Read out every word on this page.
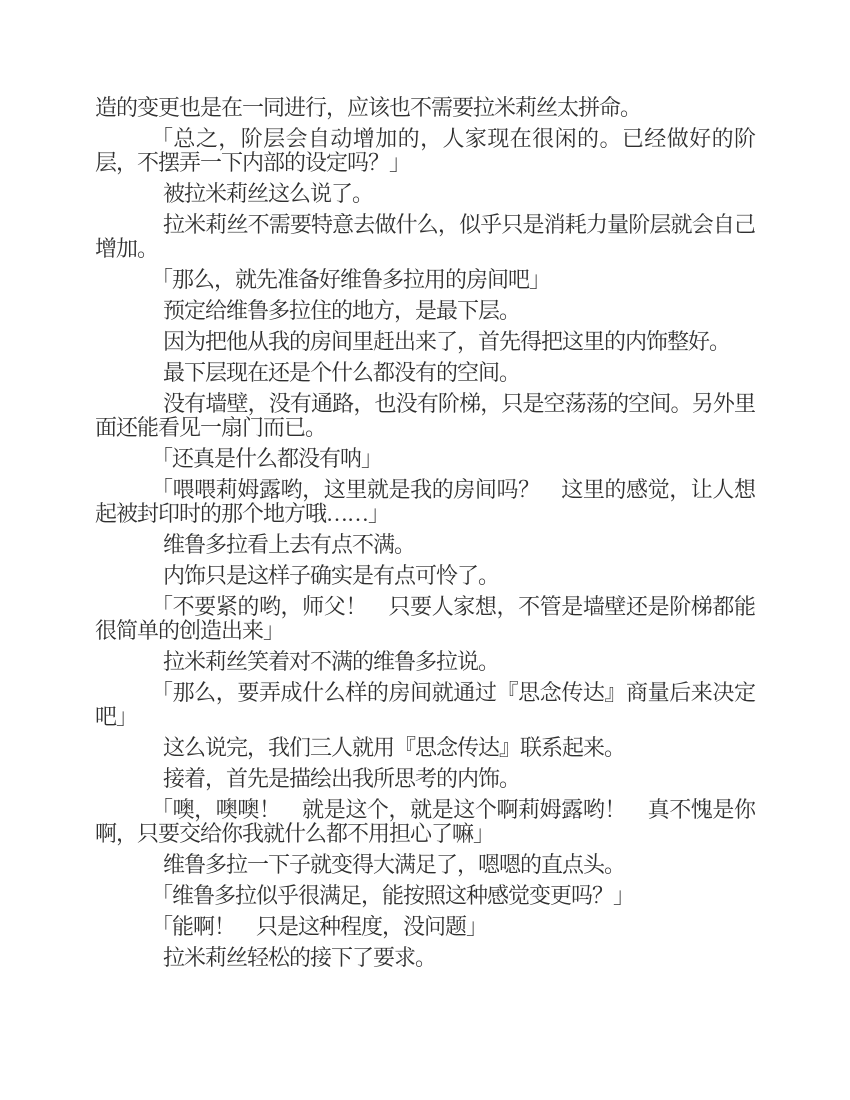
造的变更也是在一同进行，应该也不需要拉米莉丝太拼命。

「总之，阶层会自动增加的，人家现在很闲的。已经做好的阶层，不摆弄一下内部的设定吗？」

被拉米莉丝这么说了。

拉米莉丝不需要特意去做什么，似乎只是消耗力量阶层就会自己增加。

「那么，就先准备好维鲁多拉用的房间吧」

预定给维鲁多拉住的地方，是最下层。

因为把他从我的房间里赶出来了，首先得把这里的内饰整好。

最下层现在还是个什么都没有的空间。

没有墙壁，没有通路，也没有阶梯，只是空荡荡的空间。另外里面还能看见一扇门而已。

「还真是什么都没有呐」

「喂喂莉姆露哟，这里就是我的房间吗？　这里的感觉，让人想起被封印时的那个地方哦……」

维鲁多拉看上去有点不满。

内饰只是这样子确实是有点可怜了。

「不要紧的哟，师父！　只要人家想，不管是墙壁还是阶梯都能很简单的创造出来」

拉米莉丝笑着对不满的维鲁多拉说。

「那么，要弄成什么样的房间就通过『思念传达』商量后来决定吧」

这么说完，我们三人就用『思念传达』联系起来。

接着，首先是描绘出我所思考的内饰。

「噢，噢噢！　就是这个，就是这个啊莉姆露哟！　真不愧是你啊，只要交给你我就什么都不用担心了嘛」

维鲁多拉一下子就变得大满足了，嗯嗯的直点头。

「维鲁多拉似乎很满足，能按照这种感觉变更吗？」

「能啊！　只是这种程度，没问题」

拉米莉丝轻松的接下了要求。
